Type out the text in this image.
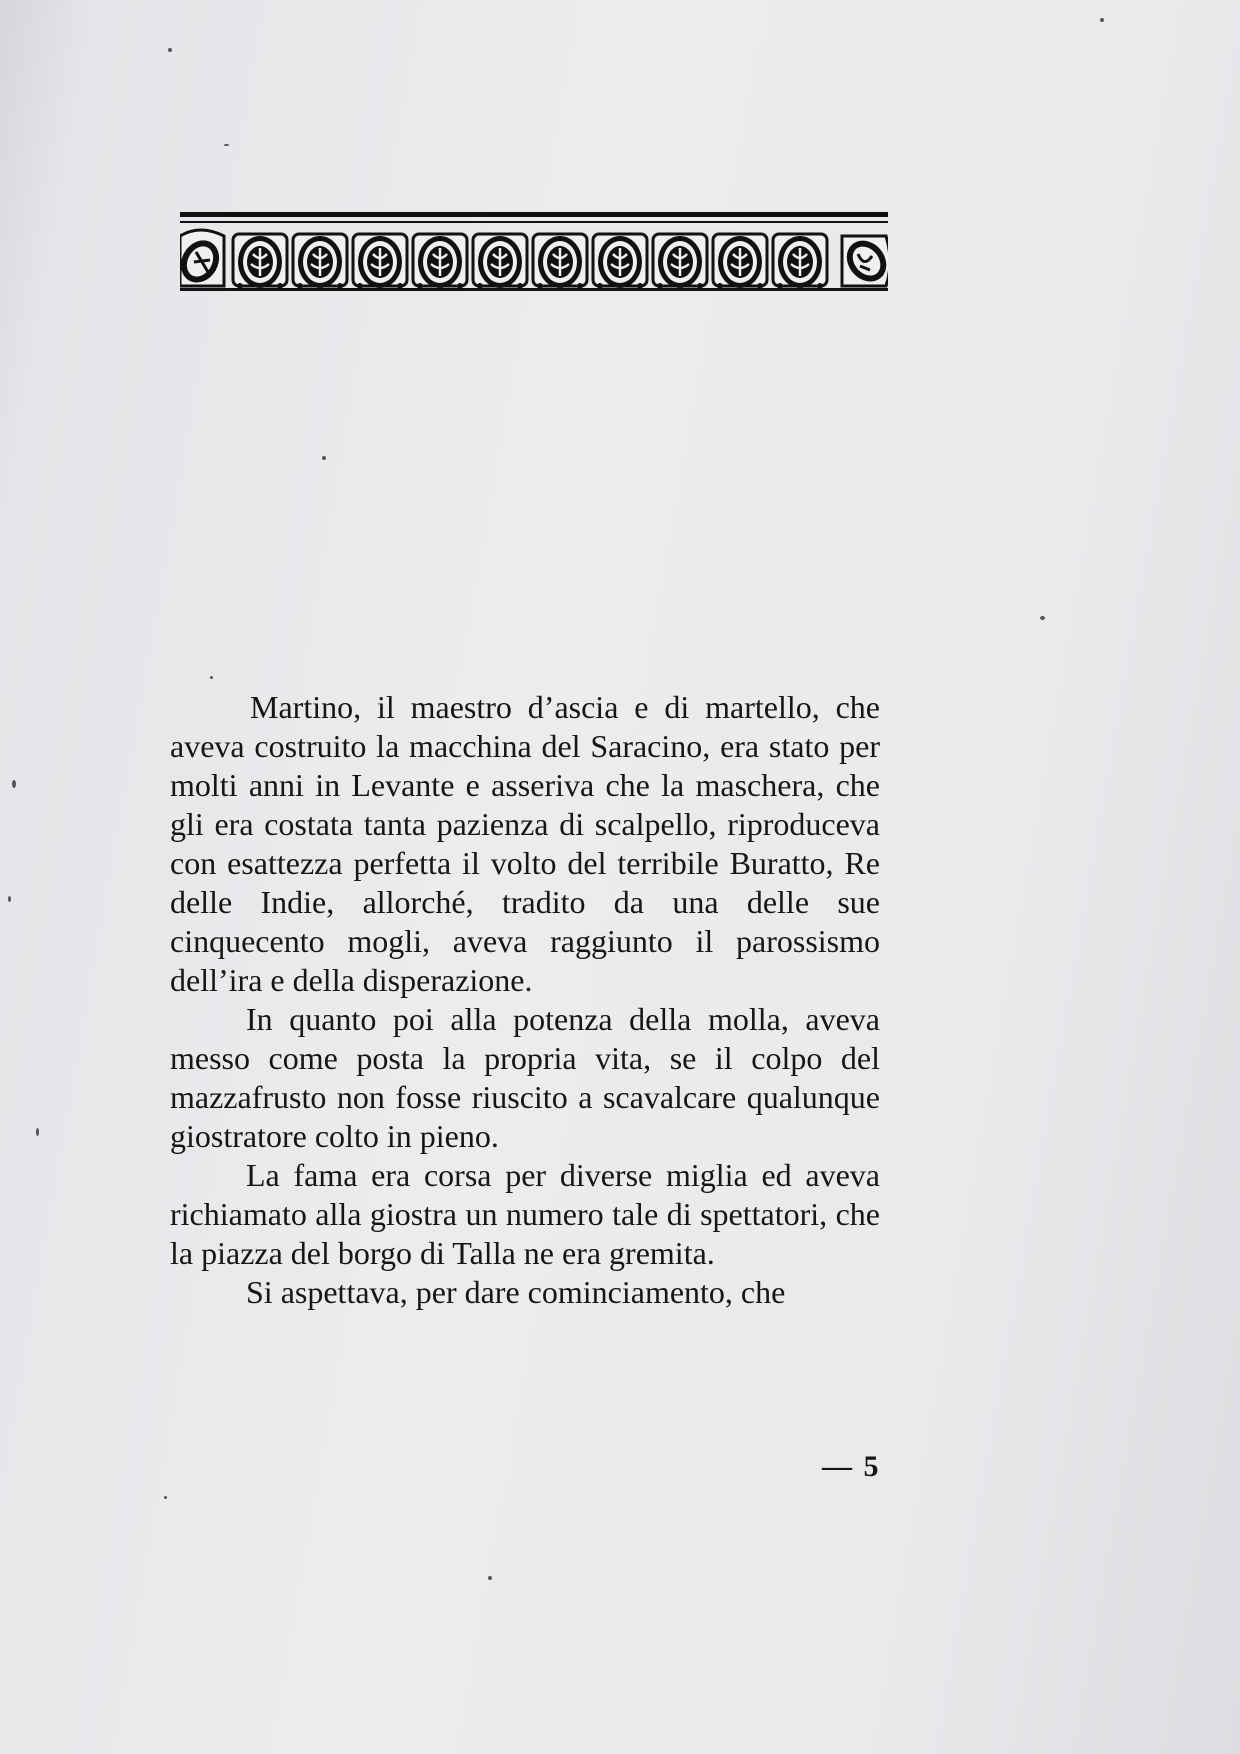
Martino, il maestro d’ascia e di martello, che aveva costruito la macchina del Saracino, era stato per molti anni in Levante e asseriva che la maschera, che gli era costata tanta pazienza di scalpello, riproduceva con esattezza perfetta il volto del terribile Buratto, Re delle Indie, allorché, tradito da una delle sue cinquecento mogli, aveva raggiunto il parossismo dell’ira e della disperazione.

In quanto poi alla potenza della molla, aveva messo come posta la propria vita, se il colpo del mazzafrusto non fosse riuscito a scavalcare qualunque giostratore colto in pieno.

La fama era corsa per diverse miglia ed aveva richiamato alla giostra un numero tale di spettatori, che la piazza del borgo di Talla ne era gremita.

Si aspettava, per dare cominciamento, che

— 5
